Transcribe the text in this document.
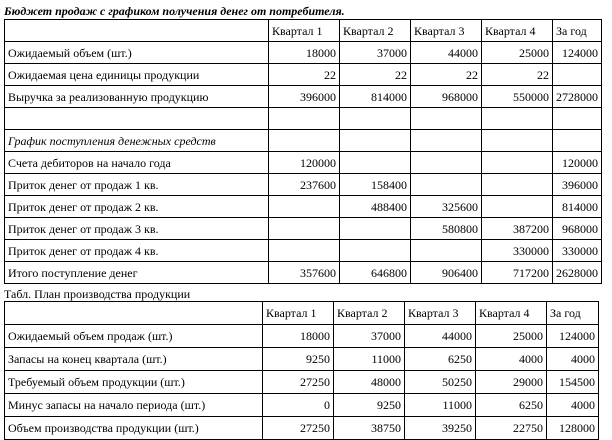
Бюджет продаж с графиком получения денег от потребителя.
	Квартал 1	Квартал 2	Квартал 3	Квартал 4	За год
Ожидаемый объем (шт.)	18000	37000	44000	25000	124000
Ожидаемая цена единицы продукции	22	22	22	22	
Выручка за реализованную продукцию	396000	814000	968000	550000	2728000

График поступления денежных средств					
Счета дебиторов на начало года	120000				120000
Приток денег от продаж 1 кв.	237600	158400			396000
Приток денег от продаж 2 кв.		488400	325600		814000
Приток денег от продаж 3 кв.			580800	387200	968000
Приток денег от продаж 4 кв.				330000	330000
Итого поступление денег	357600	646800	906400	717200	2628000
Табл. План производства продукции
	Квартал 1	Квартал 2	Квартал 3	Квартал 4	За год
Ожидаемый объем продаж (шт.)	18000	37000	44000	25000	124000
Запасы на конец квартала (шт.)	9250	11000	6250	4000	4000
Требуемый объем продукции (шт.)	27250	48000	50250	29000	154500
Минус запасы на начало периода (шт.)	0	9250	11000	6250	4000
Объем производства продукции (шт.)	27250	38750	39250	22750	128000
